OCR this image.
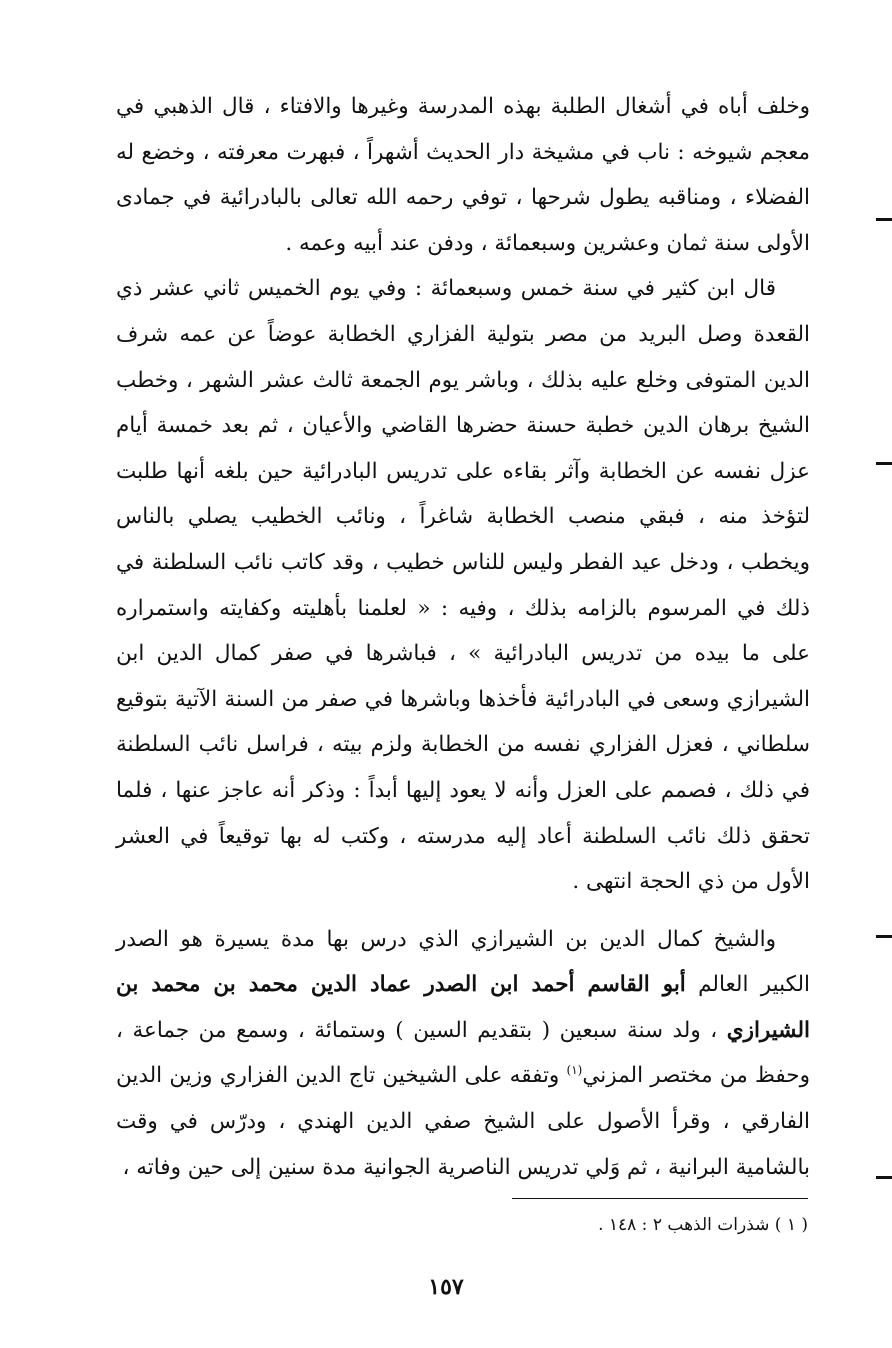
وخلف أباه في أشغال الطلبة بهذه المدرسة وغيرها والافتاء ، قال الذهبي في معجم شيوخه : ناب في مشيخة دار الحديث أشهراً ، فبهرت معرفته ، وخضع له الفضلاء ، ومناقبه يطول شرحها ، توفي رحمه الله تعالى بالبادرائية في جمادى الأولى سنة ثمان وعشرين وسبعمائة ، ودفن عند أبيه وعمه .

قال ابن كثير في سنة خمس وسبعمائة : وفي يوم الخميس ثاني عشر ذي القعدة وصل البريد من مصر بتولية الفزاري الخطابة عوضاً عن عمه شرف الدين المتوفى وخلع عليه بذلك ، وباشر يوم الجمعة ثالث عشر الشهر ، وخطب الشيخ برهان الدين خطبة حسنة حضرها القاضي والأعيان ، ثم بعد خمسة أيام عزل نفسه عن الخطابة وآثر بقاءه على تدريس البادرائية حين بلغه أنها طلبت لتؤخذ منه ، فبقي منصب الخطابة شاغراً ، ونائب الخطيب يصلي بالناس ويخطب ، ودخل عيد الفطر وليس للناس خطيب ، وقد كاتب نائب السلطنة في ذلك في المرسوم بالزامه بذلك ، وفيه : « لعلمنا بأهليته وكفايته واستمراره على ما بيده من تدريس البادرائية » ، فباشرها في صفر كمال الدين ابن الشيرازي وسعى في البادرائية فأخذها وباشرها في صفر من السنة الآتية بتوقيع سلطاني ، فعزل الفزاري نفسه من الخطابة ولزم بيته ، فراسل نائب السلطنة في ذلك ، فصمم على العزل وأنه لا يعود إليها أبداً : وذكر أنه عاجز عنها ، فلما تحقق ذلك نائب السلطنة أعاد إليه مدرسته ، وكتب له بها توقيعاً في العشر الأول من ذي الحجة انتهى .

والشيخ كمال الدين بن الشيرازي الذي درس بها مدة يسيرة هو الصدر الكبير العالم أبو القاسم أحمد ابن الصدر عماد الدين محمد بن محمد بن الشيرازي ، ولد سنة سبعين ( بتقديم السين ) وستمائة ، وسمع من جماعة ، وحفظ من مختصر المزني$^{(١)}$ وتفقه على الشيخين تاج الدين الفزاري وزين الدين الفارقي ، وقرأ الأصول على الشيخ صفي الدين الهندي ، ودرّس في وقت بالشامية البرانية ، ثم وَلي تدريس الناصرية الجوانية مدة سنين إلى حين وفاته ،

( ١ ) شذرات الذهب ٢ : ١٤٨ .
١٥٧
